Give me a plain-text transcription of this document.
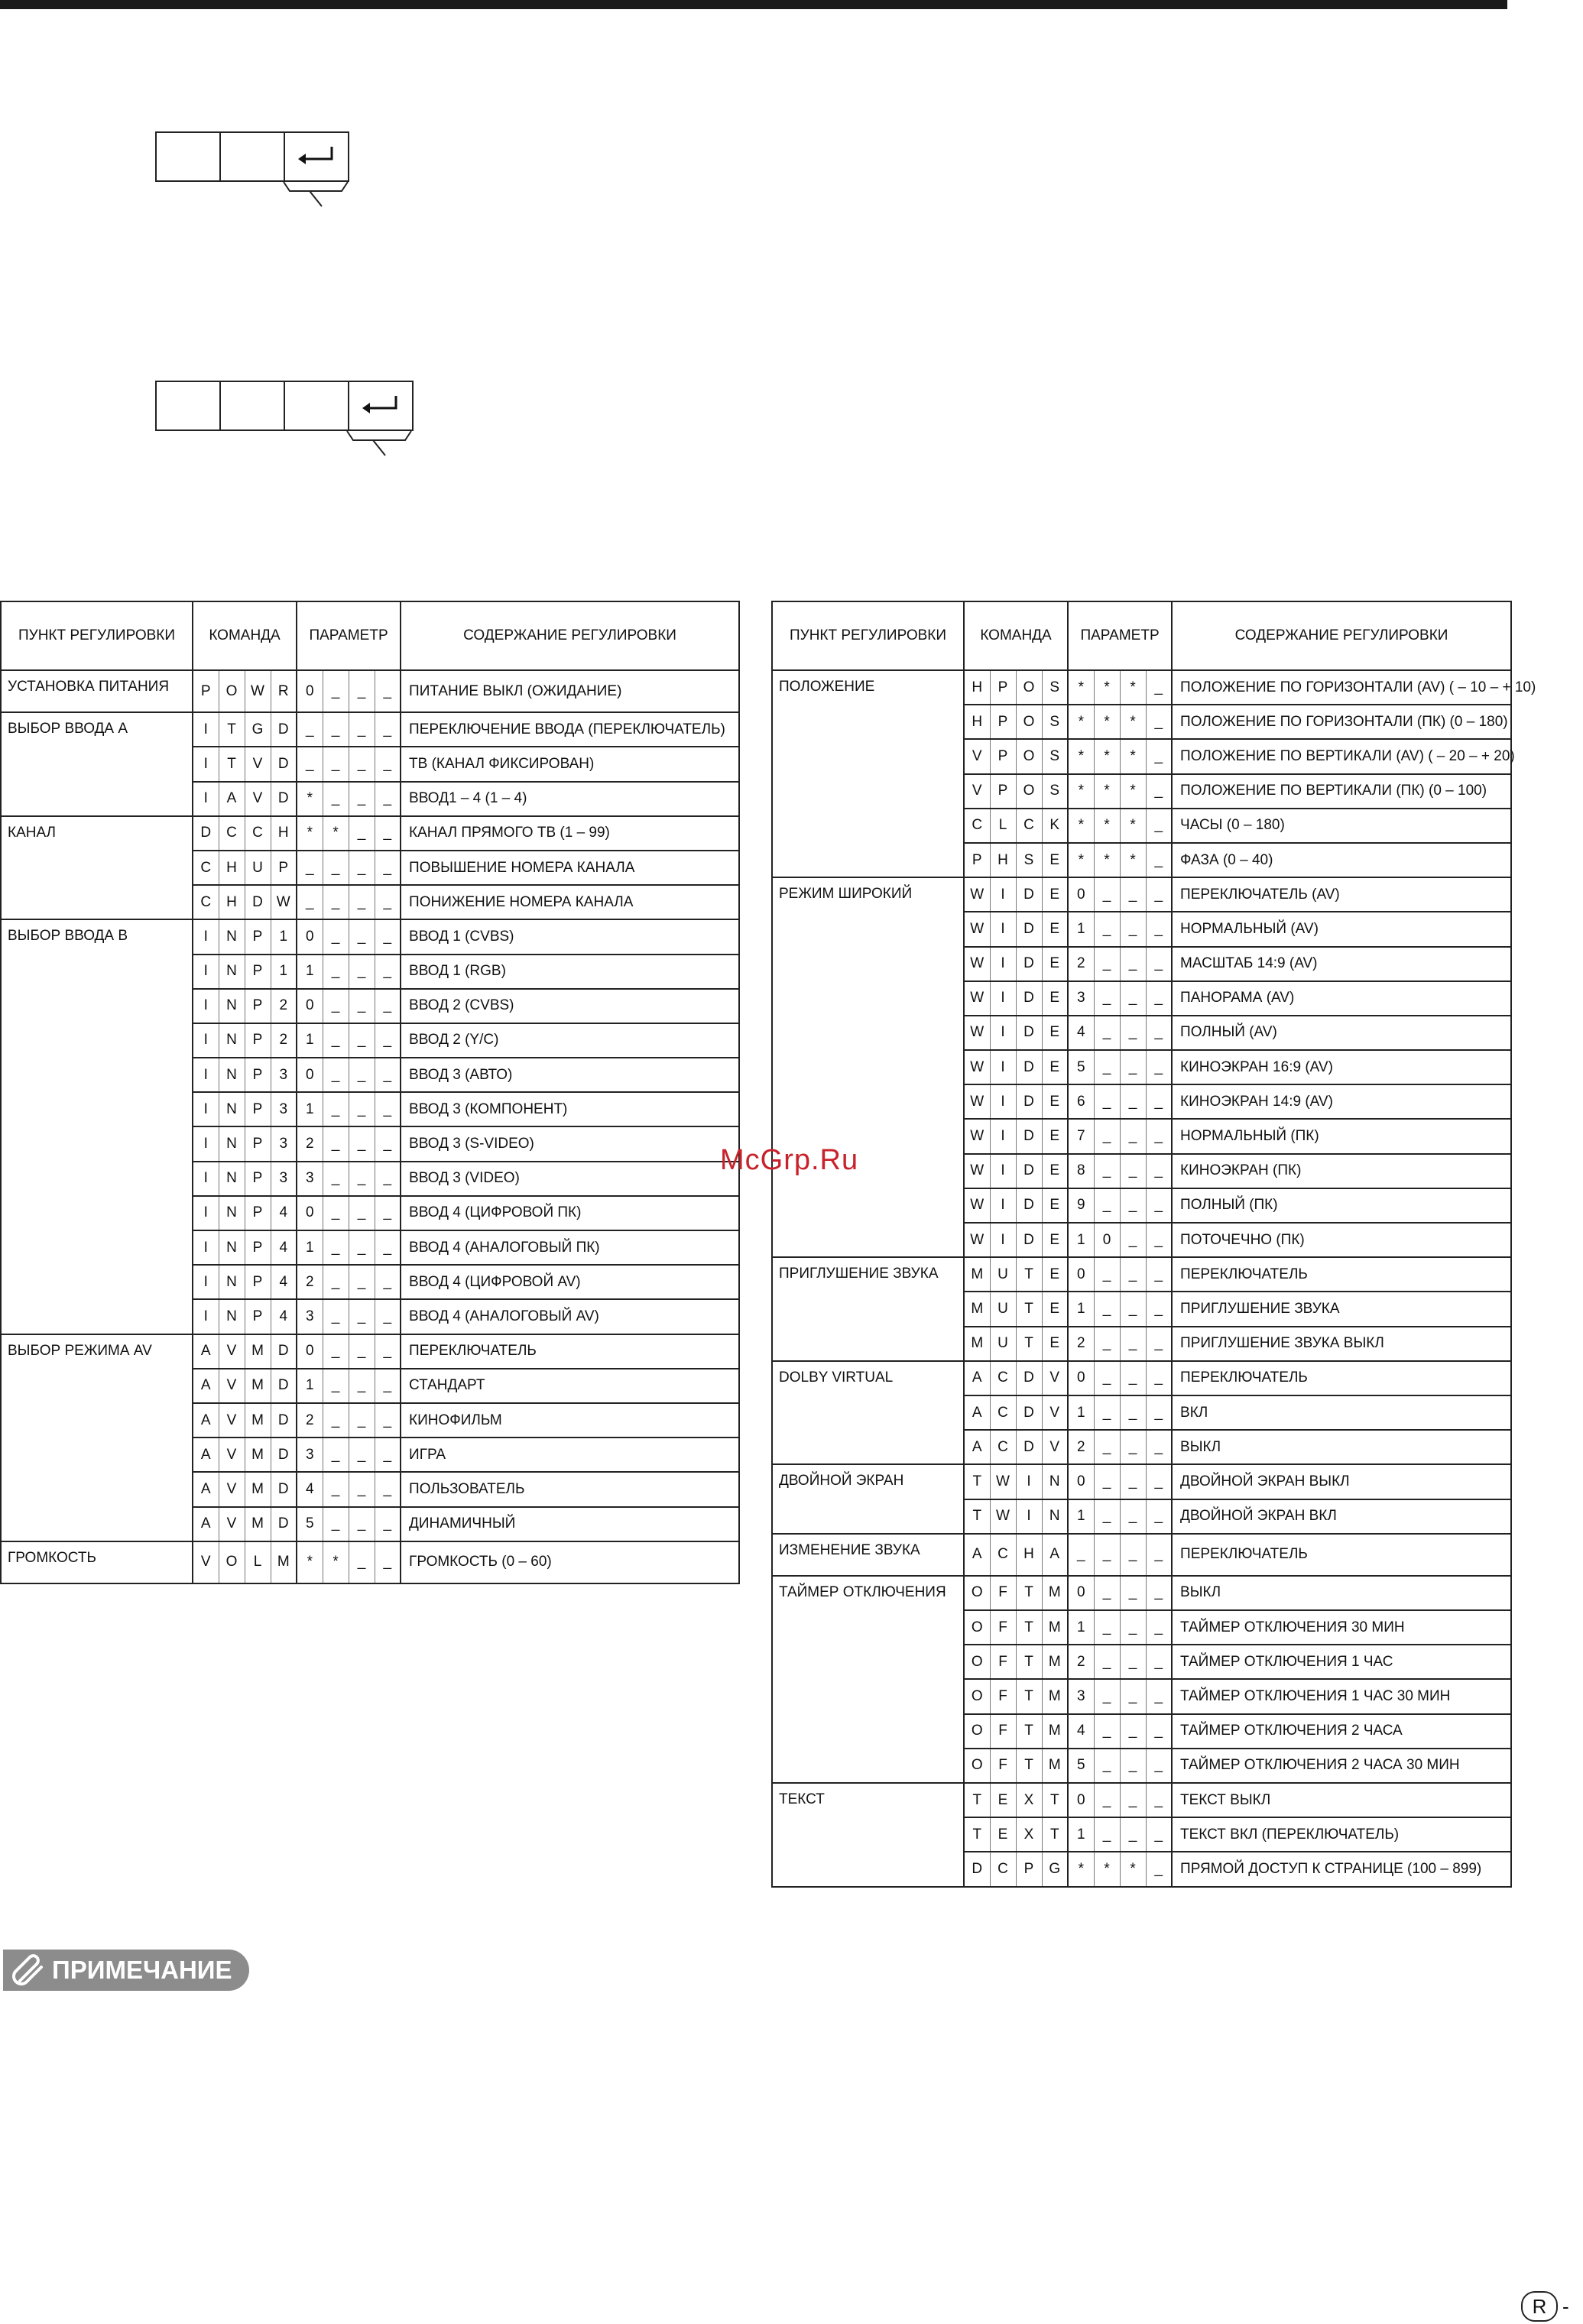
ПУНКТ РЕГУЛИРОВКИ	КОМАНДА				ПАРАМЕТР				СОДЕРЖАНИЕ РЕГУЛИРОВКИ
УСТАНОВКА ПИТАНИЯ	P	O	W	R	0	_	_	_	ПИТАНИЕ ВЫКЛ (ОЖИДАНИЕ)
ВЫБОР ВВОДА А	I	T	G	D	_	_	_	_	ПЕРЕКЛЮЧЕНИЕ ВВОДА (ПЕРЕКЛЮЧАТЕЛЬ)
	I	T	V	D	_	_	_	_	ТВ (КАНАЛ ФИКСИРОВАН)
	I	A	V	D	*	_	_	_	ВВОД1 – 4 (1 – 4)
КАНАЛ	D	C	C	H	*	*	_	_	КАНАЛ ПРЯМОГО ТВ (1 – 99)
	C	H	U	P	_	_	_	_	ПОВЫШЕНИЕ НОМЕРА КАНАЛА
	C	H	D	W	_	_	_	_	ПОНИЖЕНИЕ НОМЕРА КАНАЛА
ВЫБОР ВВОДА В	I	N	P	1	0	_	_	_	ВВОД 1 (CVBS)
	I	N	P	1	1	_	_	_	ВВОД 1 (RGB)
	I	N	P	2	0	_	_	_	ВВОД 2 (CVBS)
	I	N	P	2	1	_	_	_	ВВОД 2 (Y/C)
	I	N	P	3	0	_	_	_	ВВОД 3 (АВТО)
	I	N	P	3	1	_	_	_	ВВОД 3 (КОМПОНЕНТ)
	I	N	P	3	2	_	_	_	ВВОД 3 (S-VIDEO)
	I	N	P	3	3	_	_	_	ВВОД 3 (VIDEO)
	I	N	P	4	0	_	_	_	ВВОД 4 (ЦИФРОВОЙ ПК)
	I	N	P	4	1	_	_	_	ВВОД 4 (АНАЛОГОВЫЙ ПК)
	I	N	P	4	2	_	_	_	ВВОД 4 (ЦИФРОВОЙ AV)
	I	N	P	4	3	_	_	_	ВВОД 4 (АНАЛОГОВЫЙ AV)
ВЫБОР РЕЖИМА AV	A	V	M	D	0	_	_	_	ПЕРЕКЛЮЧАТЕЛЬ
	A	V	M	D	1	_	_	_	СТАНДАРТ
	A	V	M	D	2	_	_	_	КИНОФИЛЬМ
	A	V	M	D	3	_	_	_	ИГРА
	A	V	M	D	4	_	_	_	ПОЛЬЗОВАТЕЛЬ
	A	V	M	D	5	_	_	_	ДИНАМИЧНЫЙ
ГРОМКОСТЬ	V	O	L	M	*	*	_	_	ГРОМКОСТЬ (0 – 60)
ПУНКТ РЕГУЛИРОВКИ	КОМАНДА				ПАРАМЕТР				СОДЕРЖАНИЕ РЕГУЛИРОВКИ
ПОЛОЖЕНИЕ	H	P	O	S	*	*	*	_	ПОЛОЖЕНИЕ ПО ГОРИЗОНТАЛИ (AV) ( – 10 – + 10)
	H	P	O	S	*	*	*	_	ПОЛОЖЕНИЕ ПО ГОРИЗОНТАЛИ (ПК) (0 – 180)
	V	P	O	S	*	*	*	_	ПОЛОЖЕНИЕ ПО ВЕРТИКАЛИ (AV) ( – 20 – + 20)
	V	P	O	S	*	*	*	_	ПОЛОЖЕНИЕ ПО ВЕРТИКАЛИ (ПК) (0 – 100)
	C	L	C	K	*	*	*	_	ЧАСЫ (0 – 180)
	P	H	S	E	*	*	*	_	ФАЗА (0 – 40)
РЕЖИМ ШИРОКИЙ	W	I	D	E	0	_	_	_	ПЕРЕКЛЮЧАТЕЛЬ (AV)
	W	I	D	E	1	_	_	_	НОРМАЛЬНЫЙ (AV)
	W	I	D	E	2	_	_	_	МАСШТАБ 14:9 (AV)
	W	I	D	E	3	_	_	_	ПАНОРАМА (AV)
	W	I	D	E	4	_	_	_	ПОЛНЫЙ (AV)
	W	I	D	E	5	_	_	_	КИНОЭКРАН 16:9 (AV)
	W	I	D	E	6	_	_	_	КИНОЭКРАН 14:9 (AV)
	W	I	D	E	7	_	_	_	НОРМАЛЬНЫЙ (ПК)
	W	I	D	E	8	_	_	_	КИНОЭКРАН (ПК)
	W	I	D	E	9	_	_	_	ПОЛНЫЙ (ПК)
	W	I	D	E	1	0	_	_	ПОТОЧЕЧНО (ПК)
ПРИГЛУШЕНИЕ ЗВУКА	M	U	T	E	0	_	_	_	ПЕРЕКЛЮЧАТЕЛЬ
	M	U	T	E	1	_	_	_	ПРИГЛУШЕНИЕ ЗВУКА
	M	U	T	E	2	_	_	_	ПРИГЛУШЕНИЕ ЗВУКА ВЫКЛ
DOLBY VIRTUAL	A	C	D	V	0	_	_	_	ПЕРЕКЛЮЧАТЕЛЬ
	A	C	D	V	1	_	_	_	ВКЛ
	A	C	D	V	2	_	_	_	ВЫКЛ
ДВОЙНОЙ ЭКРАН	T	W	I	N	0	_	_	_	ДВОЙНОЙ ЭКРАН ВЫКЛ
	T	W	I	N	1	_	_	_	ДВОЙНОЙ ЭКРАН ВКЛ
ИЗМЕНЕНИЕ ЗВУКА	A	C	H	A	_	_	_	_	ПЕРЕКЛЮЧАТЕЛЬ
ТАЙМЕР ОТКЛЮЧЕНИЯ	O	F	T	M	0	_	_	_	ВЫКЛ
	O	F	T	M	1	_	_	_	ТАЙМЕР ОТКЛЮЧЕНИЯ 30 МИН
	O	F	T	M	2	_	_	_	ТАЙМЕР ОТКЛЮЧЕНИЯ 1 ЧАС
	O	F	T	M	3	_	_	_	ТАЙМЕР ОТКЛЮЧЕНИЯ 1 ЧАС 30 МИН
	O	F	T	M	4	_	_	_	ТАЙМЕР ОТКЛЮЧЕНИЯ 2 ЧАСА
	O	F	T	M	5	_	_	_	ТАЙМЕР ОТКЛЮЧЕНИЯ 2 ЧАСА 30 МИН
ТЕКСТ	T	E	X	T	0	_	_	_	ТЕКСТ ВЫКЛ
	T	E	X	T	1	_	_	_	ТЕКСТ ВКЛ (ПЕРЕКЛЮЧАТЕЛЬ)
	D	C	P	G	*	*	*	_	ПРЯМОЙ ДОСТУП К СТРАНИЦЕ (100 – 899)
McGrp.Ru
ПРИМЕЧАНИЕ
R -
